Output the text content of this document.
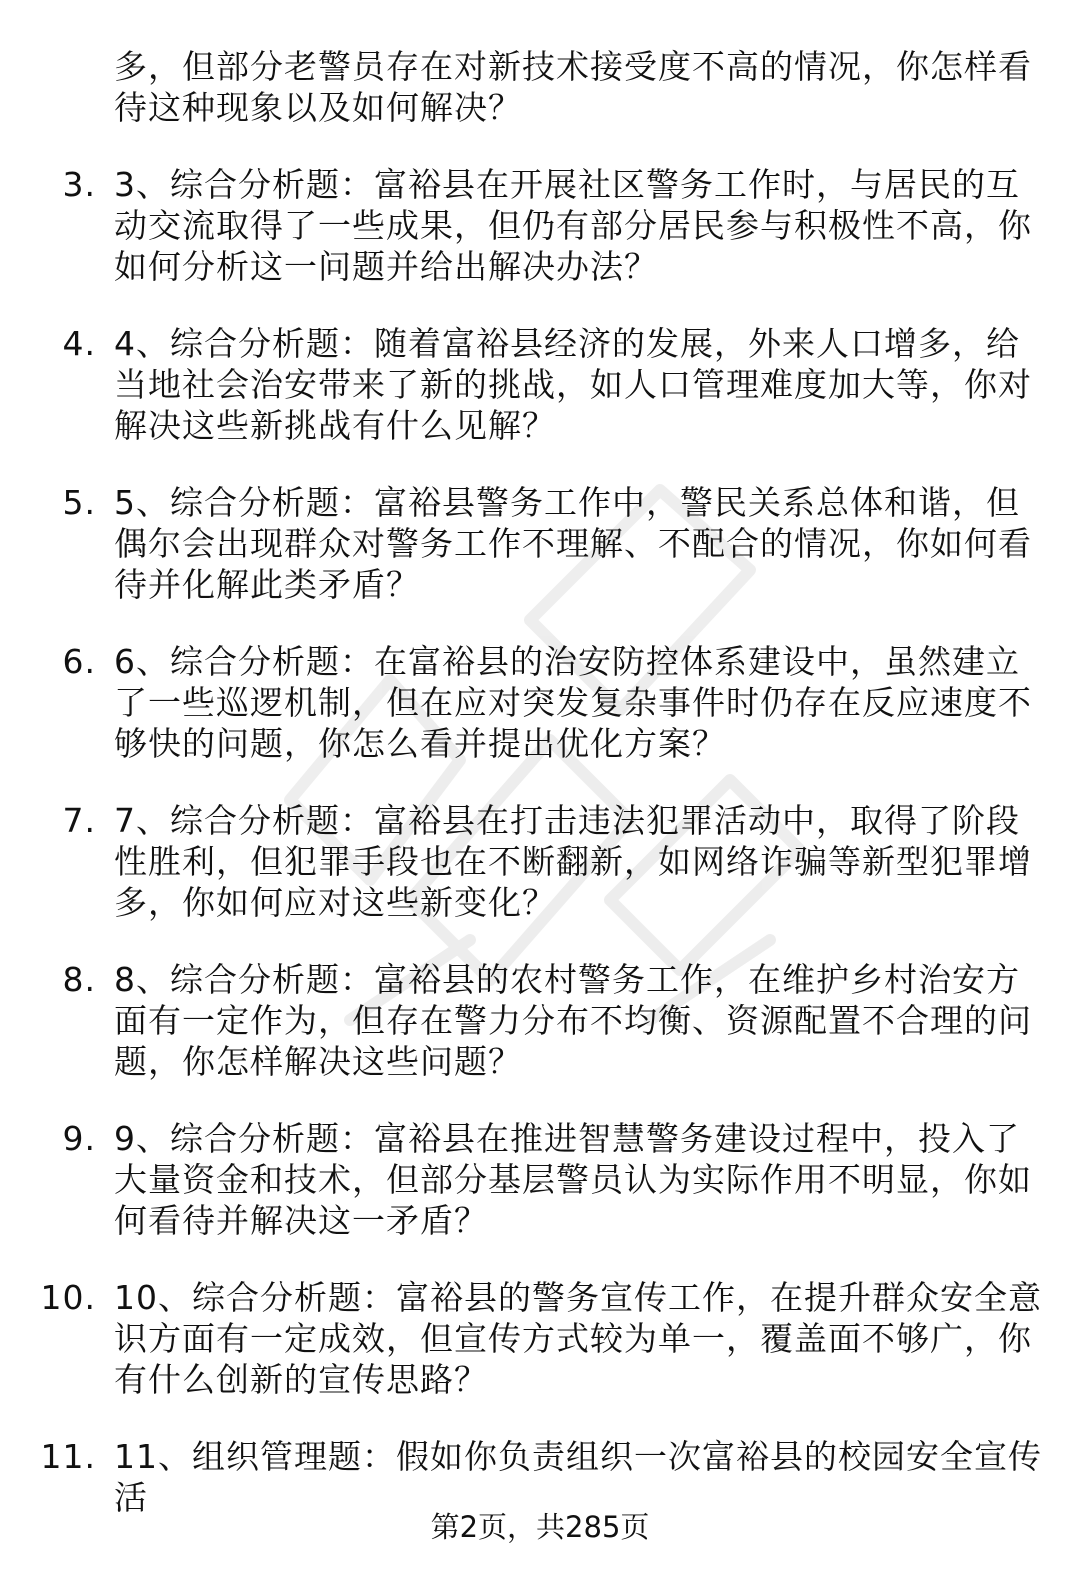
多，但部分老警员存在对新技术接受度不高的情况，你怎样看待这种现象以及如何解决？
3. 3、综合分析题：富裕县在开展社区警务工作时，与居民的互动交流取得了一些成果，但仍有部分居民参与积极性不高，你如何分析这一问题并给出解决办法？
4. 4、综合分析题：随着富裕县经济的发展，外来人口增多，给当地社会治安带来了新的挑战，如人口管理难度加大等，你对解决这些新挑战有什么见解？
5. 5、综合分析题：富裕县警务工作中，警民关系总体和谐，但偶尔会出现群众对警务工作不理解、不配合的情况，你如何看待并化解此类矛盾？
6. 6、综合分析题：在富裕县的治安防控体系建设中，虽然建立了一些巡逻机制，但在应对突发复杂事件时仍存在反应速度不够快的问题，你怎么看并提出优化方案？
7. 7、综合分析题：富裕县在打击违法犯罪活动中，取得了阶段性胜利，但犯罪手段也在不断翻新，如网络诈骗等新型犯罪增多，你如何应对这些新变化？
8. 8、综合分析题：富裕县的农村警务工作，在维护乡村治安方面有一定作为，但存在警力分布不均衡、资源配置不合理的问题，你怎样解决这些问题？
9. 9、综合分析题：富裕县在推进智慧警务建设过程中，投入了大量资金和技术，但部分基层警员认为实际作用不明显，你如何看待并解决这一矛盾？
10. 10、综合分析题：富裕县的警务宣传工作，在提升群众安全意识方面有一定成效，但宣传方式较为单一，覆盖面不够广，你有什么创新的宣传思路？
11. 11、组织管理题：假如你负责组织一次富裕县的校园安全宣传活
第2页，共285页
